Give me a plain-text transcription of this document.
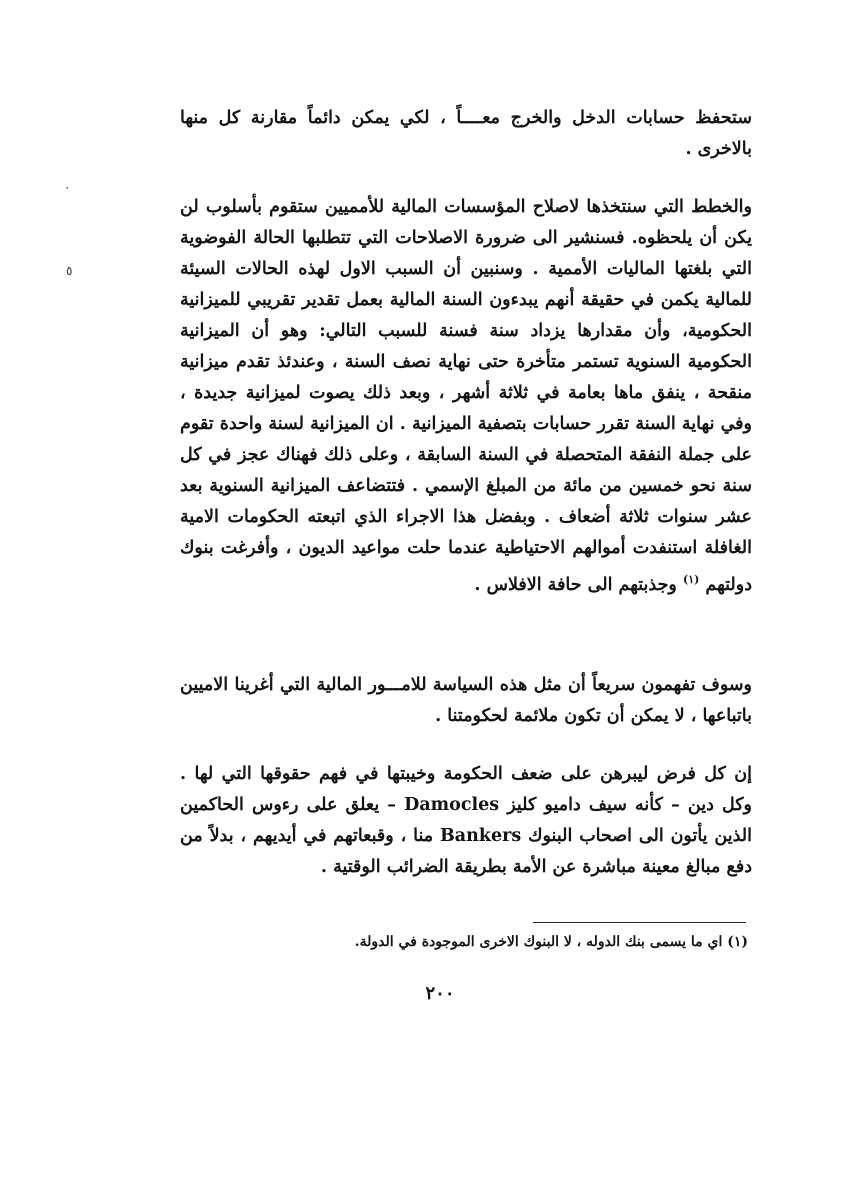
٠
٥

ستحفظ حسابات الدخل والخرج معــــاً ، لكي يمكن دائماً مقارنة كل منها بالاخرى .

والخطط التي سنتخذها لاصلاح المؤسسات المالية للأمميين ستقوم بأسلوب لن يكن أن يلحظوه. فسنشير الى ضرورة الاصلاحات التي تتطلبها الحالة الفوضوية التي بلغتها الماليات الأممية . وسنبين أن السبب الاول لهذه الحالات السيئة للمالية يكمن في حقيقة أنهم يبدءون السنة المالية بعمل تقدير تقريبي للميزانية الحكومية، وأن مقدارها يزداد سنة فسنة للسبب التالي: وهو أن الميزانية الحكومية السنوية تستمر متأخرة حتى نهاية نصف السنة ، وعندئذ تقدم ميزانية منقحة ، ينفق ماها بعامة في ثلاثة أشهر ، وبعد ذلك يصوت لميزانية جديدة ، وفي نهاية السنة تقرر حسابات بتصفية الميزانية . ان الميزانية لسنة واحدة تقوم على جملة النفقة المتحصلة في السنة السابقة ، وعلى ذلك فهناك عجز في كل سنة نحو خمسين من مائة من المبلغ الإسمي . فتتضاعف الميزانية السنوية بعد عشر سنوات ثلاثة أضعاف . وبفضل هذا الاجراء الذي اتبعته الحكومات الامية الغافلة استنفدت أموالهم الاحتياطية عندما حلت مواعيد الديون ، وأفرغت بنوك دولتهم $^{(١)}$ وجذبتهم الى حافة الافلاس .

وسوف تفهمون سريعاً أن مثل هذه السياسة للامـــور المالية التي أغرينا الاميين باتباعها ، لا يمكن أن تكون ملائمة لحكومتنا .

إن كل فرض ليبرهن على ضعف الحكومة وخيبتها في فهم حقوقها التي لها . وكل دين – كأنه سيف داميو كليز Damocles – يعلق على رءوس الحاكمين الذين يأتون الى اصحاب البنوك Bankers منا ، وقبعاتهم في أيديهم ، بدلاً من دفع مبالغ معينة مباشرة عن الأمة بطريقة الضرائب الوقتية .

(١) اي ما يسمى بنك الدوله ، لا البنوك الاخرى الموجودة في الدولة.
٢٠٠
